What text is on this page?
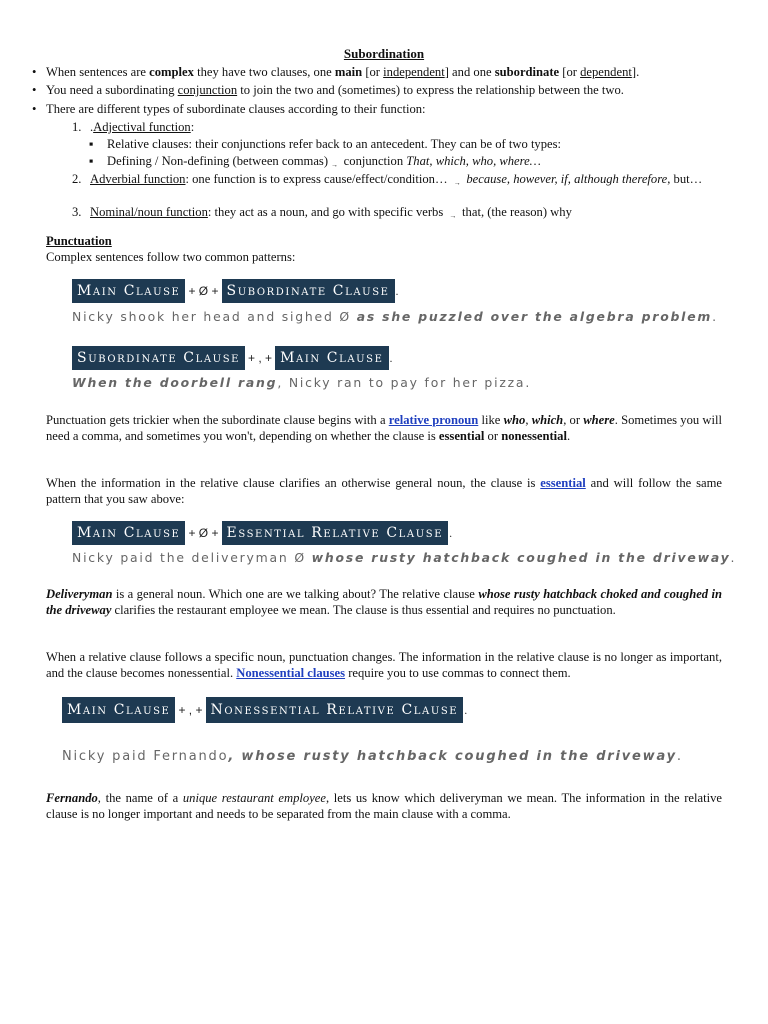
Subordination
• When sentences are complex they have two clauses, one main [or independent] and one subordinate [or dependent].
• You need a subordinating conjunction to join the two and (sometimes) to express the relationship between the two.
• There are different types of subordinate clauses according to their function:
1. .Adjectival function:
▪ Relative clauses: their conjunctions refer back to an antecedent. They can be of two types:
▪ Defining / Non-defining (between commas) → conjunction That, which, who, where…
2. Adverbial function: one function is to express cause/effect/condition… → because, however, if, although therefore, but…
3. Nominal/noun function: they act as a noun, and go with specific verbs → that, (the reason) why
Punctuation
Complex sentences follow two common patterns:
Main Clause + Ø + Subordinate Clause .
Nicky shook her head and sighed Ø as she puzzled over the algebra problem.
Subordinate Clause + , + Main Clause .
When the doorbell rang, Nicky ran to pay for her pizza.
Punctuation gets trickier when the subordinate clause begins with a relative pronoun like who, which, or where. Sometimes you will need a comma, and sometimes you won't, depending on whether the clause is essential or nonessential.
When the information in the relative clause clarifies an otherwise general noun, the clause is essential and will follow the same pattern that you saw above:
Main Clause + Ø + Essential Relative Clause .
Nicky paid the deliveryman Ø whose rusty hatchback coughed in the driveway.
Deliveryman is a general noun. Which one are we talking about? The relative clause whose rusty hatchback choked and coughed in the driveway clarifies the restaurant employee we mean. The clause is thus essential and requires no punctuation.
When a relative clause follows a specific noun, punctuation changes. The information in the relative clause is no longer as important, and the clause becomes nonessential. Nonessential clauses require you to use commas to connect them.
Main Clause + , + Nonessential Relative Clause .
Nicky paid Fernando, whose rusty hatchback coughed in the driveway.
Fernando, the name of a unique restaurant employee, lets us know which deliveryman we mean. The information in the relative clause is no longer important and needs to be separated from the main clause with a comma.
